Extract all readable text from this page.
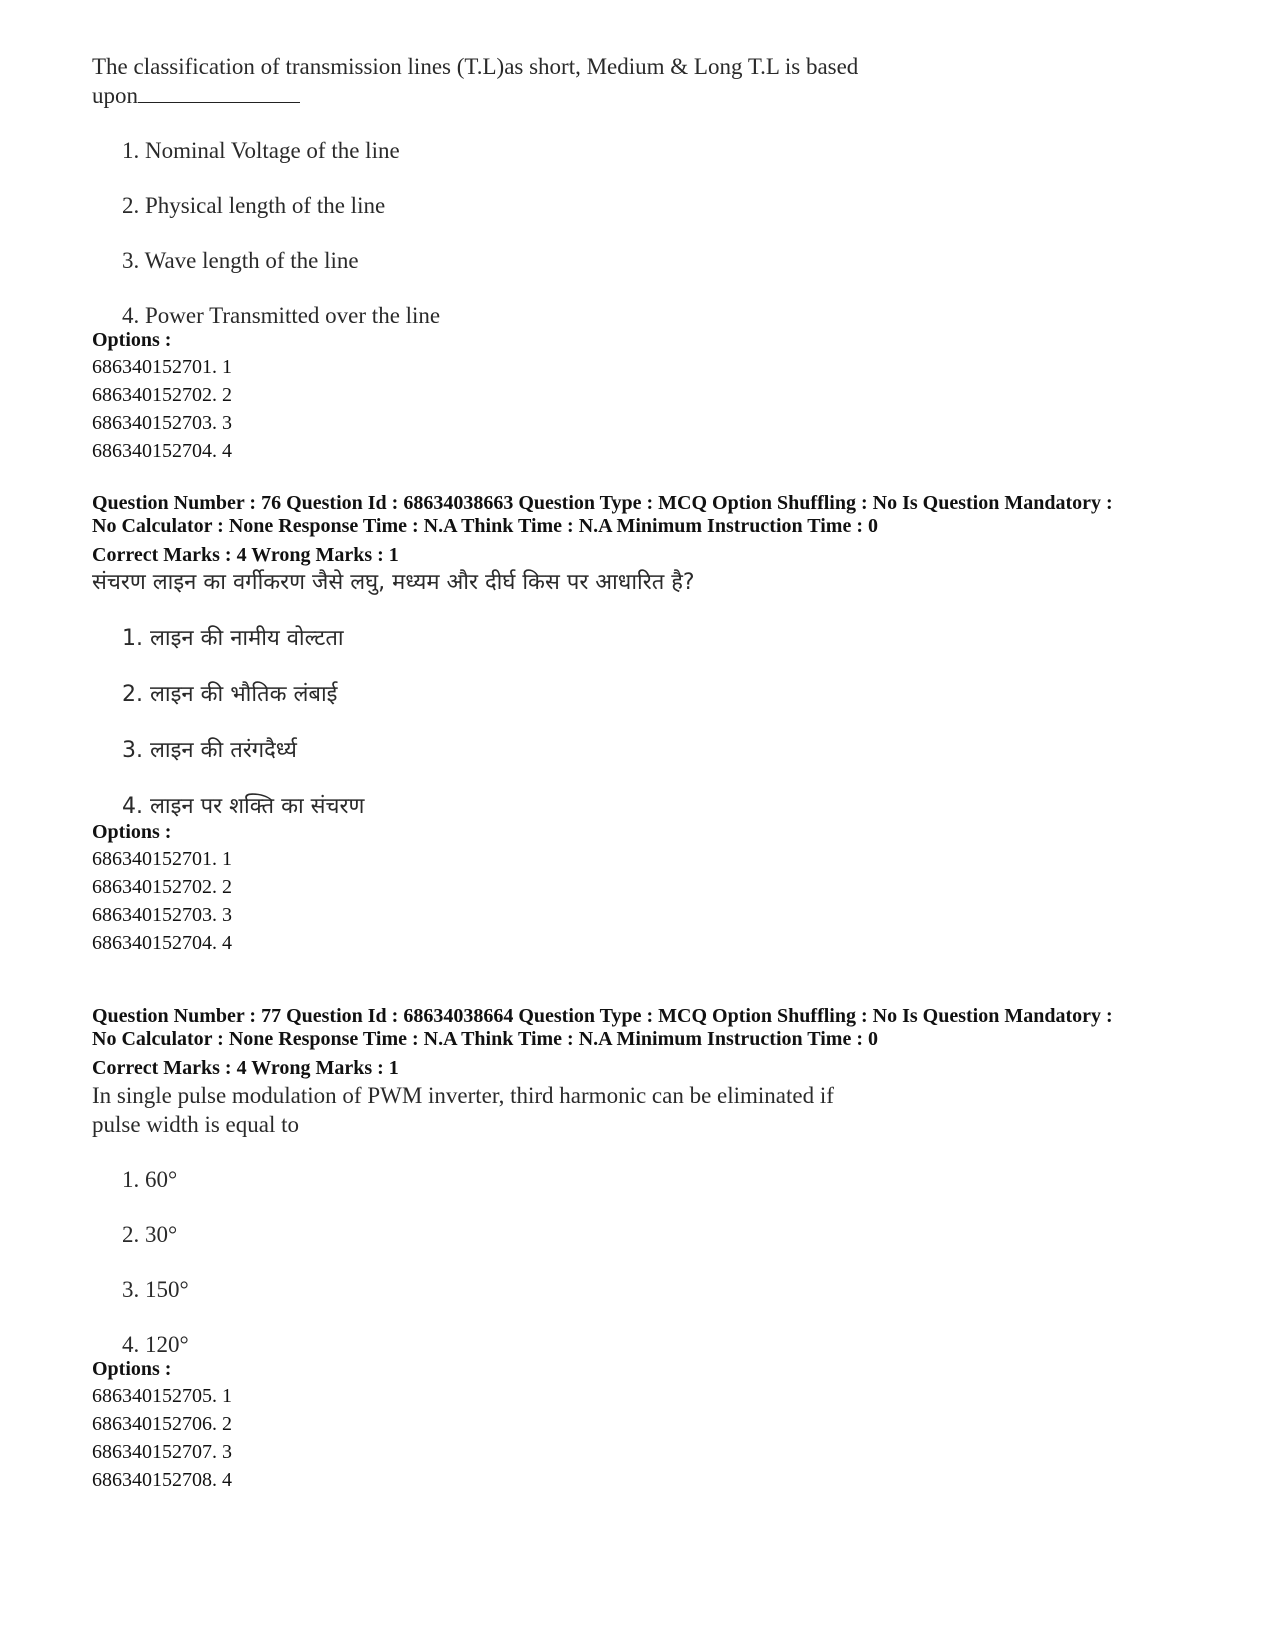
The classification of transmission lines (T.L)as short, Medium & Long T.L is based
upon
1. Nominal Voltage of the line
2. Physical length of the line
3. Wave length of the line
4. Power Transmitted over the line
Options :
686340152701. 1
686340152702. 2
686340152703. 3
686340152704. 4
Question Number : 76 Question Id : 68634038663 Question Type : MCQ Option Shuffling : No Is Question Mandatory :
No Calculator : None Response Time : N.A Think Time : N.A Minimum Instruction Time : 0
Correct Marks : 4 Wrong Marks : 1
संचरण लाइन का वर्गीकरण जैसे लघु, मध्यम और दीर्घ किस पर आधारित है?
1. लाइन की नामीय वोल्टता
2. लाइन की भौतिक लंबाई
3. लाइन की तरंगदैर्ध्य
4. लाइन पर शक्ति का संचरण
Options :
686340152701. 1
686340152702. 2
686340152703. 3
686340152704. 4
Question Number : 77 Question Id : 68634038664 Question Type : MCQ Option Shuffling : No Is Question Mandatory :
No Calculator : None Response Time : N.A Think Time : N.A Minimum Instruction Time : 0
Correct Marks : 4 Wrong Marks : 1
In single pulse modulation of PWM inverter, third harmonic can be eliminated if
pulse width is equal to
1. 60°
2. 30°
3. 150°
4. 120°
Options :
686340152705. 1
686340152706. 2
686340152707. 3
686340152708. 4
